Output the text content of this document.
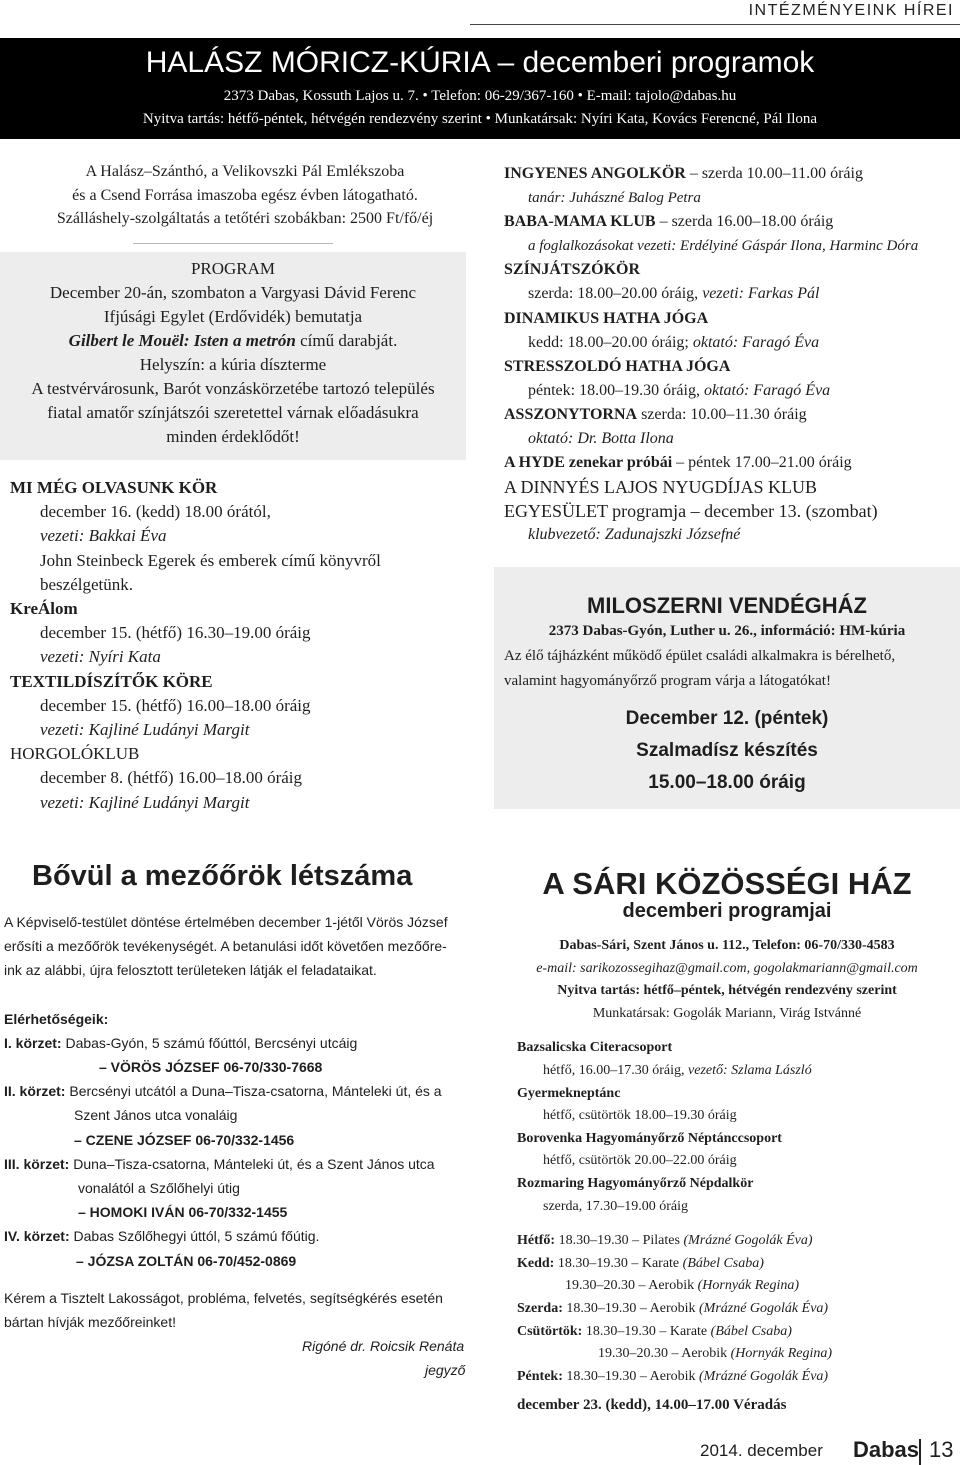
INTÉZMÉNYEINK HÍREI
HALÁSZ MÓRICZ-KÚRIA – decemberi programok
2373 Dabas, Kossuth Lajos u. 7. • Telefon: 06-29/367-160 • E-mail: tajolo@dabas.hu
Nyitva tartás: hétfő-péntek, hétvégén rendezvény szerint • Munkatársak: Nyíri Kata, Kovács Ferencné, Pál Ilona
A Halász–Szánthó, a Velikovszki Pál Emlékszoba
és a Csend Forrása imaszoba egész évben látogatható.
Szálláshely-szolgáltatás a tetőtéri szobákban: 2500 Ft/fő/éj
PROGRAM
December 20-án, szombaton a Vargyasi Dávid Ferenc
Ifjúsági Egylet (Erdővidék) bemutatja
Gilbert le Mouël: Isten a metrón című darabját.
Helyszín: a kúria díszterme
A testvérvárosunk, Barót vonzáskörzetébe tartozó település
fiatal amatőr színjátszói szeretettel várnak előadásukra
minden érdeklődőt!
MI MÉG OLVASUNK KÖR
december 16. (kedd) 18.00 órától,
vezeti: Bakkai Éva
John Steinbeck Egerek és emberek című könyvről
beszélgetünk.
KreÁlom
december 15. (hétfő) 16.30–19.00 óráig
vezeti: Nyíri Kata
TEXTILDÍSZÍTŐK KÖRE
december 15. (hétfő) 16.00–18.00 óráig
vezeti: Kajliné Ludányi Margit
HORGOLÓKLUB
december 8. (hétfő) 16.00–18.00 óráig
vezeti: Kajliné Ludányi Margit
INGYENES ANGOLKÖR – szerda 10.00–11.00 óráig
tanár: Juhászné Balog Petra
BABA-MAMA KLUB – szerda 16.00–18.00 óráig
a foglalkozásokat vezeti: Erdélyiné Gáspár Ilona, Harminc Dóra
SZÍNJÁTSZÓKÖR
szerda: 18.00–20.00 óráig, vezeti: Farkas Pál
DINAMIKUS HATHA JÓGA
kedd: 18.00–20.00 óráig; oktató: Faragó Éva
STRESSZOLDÓ HATHA JÓGA
péntek: 18.00–19.30 óráig, oktató: Faragó Éva
ASSZONYTORNA szerda: 10.00–11.30 óráig
oktató: Dr. Botta Ilona
A HYDE zenekar próbái – péntek 17.00–21.00 óráig
A DINNYÉS LAJOS NYUGDÍJAS KLUB
EGYESÜLET programja – december 13. (szombat)
klubvezető: Zadunajszki Józsefné
MILOSZERNI VENDÉGHÁZ
2373 Dabas-Gyón, Luther u. 26., információ: HM-kúria
Az élő tájházként működő épület családi alkalmakra is bérelhető,
valamint hagyományőrző program várja a látogatókat!
December 12. (péntek)
Szalmadísz készítés
15.00–18.00 óráig
Bővül a mezőőrök létszáma
A Képviselő-testület döntése értelmében december 1-jétől Vörös József
erősíti a mezőőrök tevékenységét. A betanulási időt követően mezőőre-
ink az alábbi, újra felosztott területeken látják el feladataikat.
Elérhetőségeik:
I. körzet: Dabas-Gyón, 5 számú főúttól, Bercsényi utcáig
– VÖRÖS JÓZSEF 06-70/330-7668
II. körzet: Bercsényi utcától a Duna–Tisza-csatorna, Mánteleki út, és a
Szent János utca vonaláig
– CZENE JÓZSEF 06-70/332-1456
III. körzet: Duna–Tisza-csatorna, Mánteleki út, és a Szent János utca
vonalától a Szőlőhelyi útig
– HOMOKI IVÁN 06-70/332-1455
IV. körzet: Dabas Szőlőhegyi úttól, 5 számú főútig.
– JÓZSA ZOLTÁN 06-70/452-0869
Kérem a Tisztelt Lakosságot, probléma, felvetés, segítségkérés esetén
bártan hívják mezőőreinket!
Rigóné dr. Roicsik Renáta
jegyző
A SÁRI KÖZÖSSÉGI HÁZ
decemberi programjai
Dabas-Sári, Szent János u. 112., Telefon: 06-70/330-4583
e-mail: sarikozossegihaz@gmail.com, gogolakmariann@gmail.com
Nyitva tartás: hétfő–péntek, hétvégén rendezvény szerint
Munkatársak: Gogolák Mariann, Virág Istvánné
Bazsalicska Citeracsoport
hétfő, 16.00–17.30 óráig, vezető: Szlama László
Gyermekneptánc
hétfő, csütörtök 18.00–19.30 óráig
Borovenka Hagyományőrző Néptánccsoport
hétfő, csütörtök 20.00–22.00 óráig
Rozmaring Hagyományőrző Népdalkör
szerda, 17.30–19.00 óráig
Hétfő: 18.30–19.30 – Pilates (Mrázné Gogolák Éva)
Kedd: 18.30–19.30 – Karate (Bábel Csaba)
19.30–20.30 – Aerobik (Hornyák Regina)
Szerda: 18.30–19.30 – Aerobik (Mrázné Gogolák Éva)
Csütörtök: 18.30–19.30 – Karate (Bábel Csaba)
19.30–20.30 – Aerobik (Hornyák Regina)
Péntek: 18.30–19.30 – Aerobik (Mrázné Gogolák Éva)
december 23. (kedd), 14.00–17.00 Véradás
2014. december Dabas 13
